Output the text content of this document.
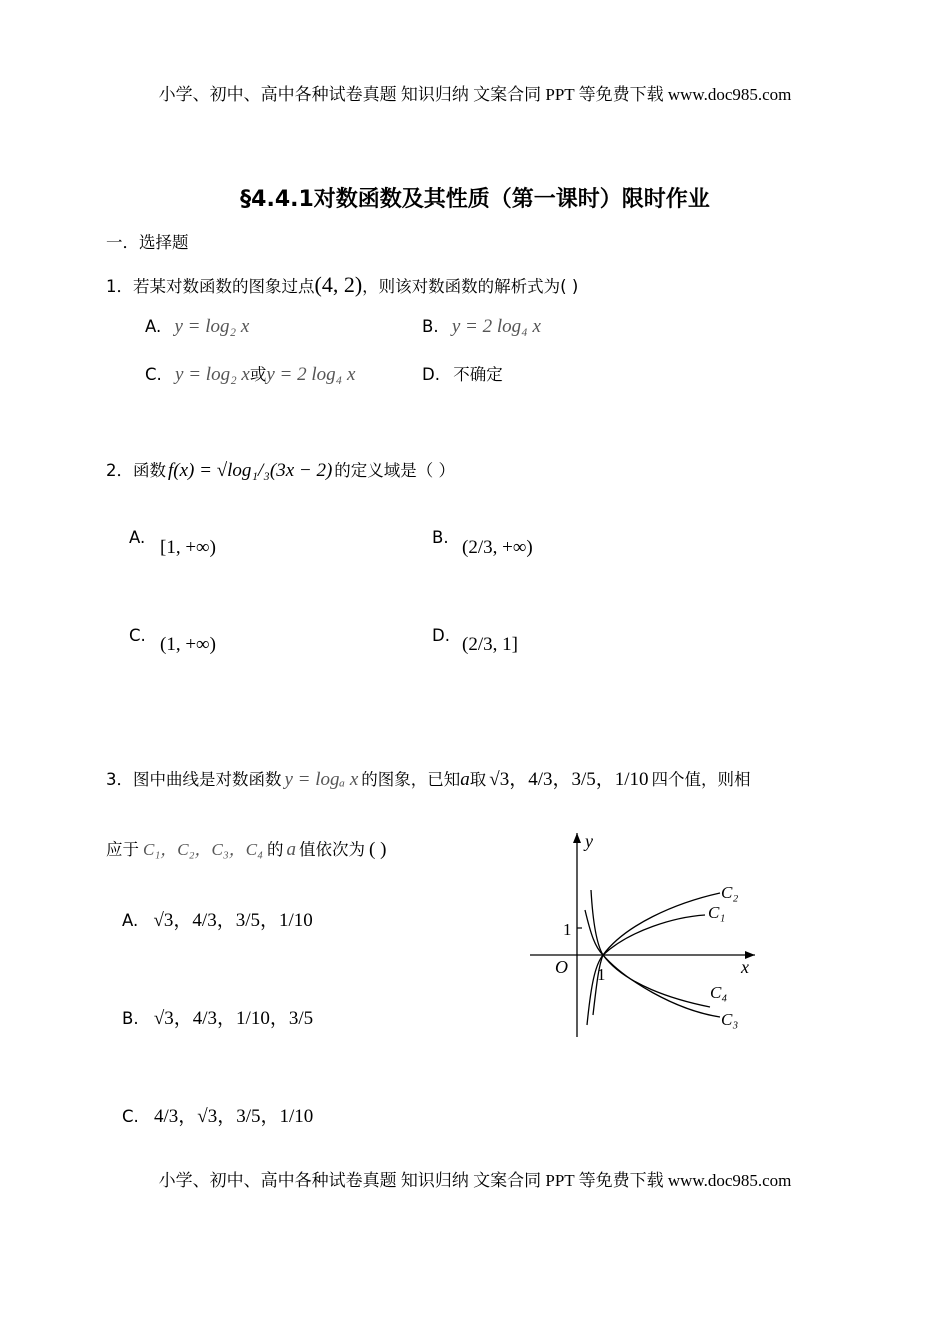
小学、初中、高中各种试卷真题 知识归纳 文案合同 PPT 等免费下载 www.doc985.com
§4.4.1对数函数及其性质（第一课时）限时作业
一．选择题
1．若某对数函数的图象过点(4, 2)，则该对数函数的解析式为( )
A. y = log₂ x	B. y = 2 log₄ x
C. y = log₂ x或y = 2 log₄ x	D. 不确定
2．函数 f(x) = √log₁/₃(3x − 2) 的定义域是（ ）
A. [1, +∞)	B. (2/3, +∞)
C. (1, +∞)	D. (2/3, 1]
3．图中曲线是对数函数 y = logₐ x 的图象，已知a取 √3，4/3，3/5，1/10 四个值，则相
应于 C₁，C₂，C₃，C₄ 的 a 值依次为 ( )
A. √3，4/3，3/5，1/10
B. √3，4/3，1/10，3/5
C. 4/3，√3，3/5，1/10
y
x
O
1
1
C₂
C₁
C₄
C₃
小学、初中、高中各种试卷真题 知识归纳 文案合同 PPT 等免费下载 www.doc985.com
